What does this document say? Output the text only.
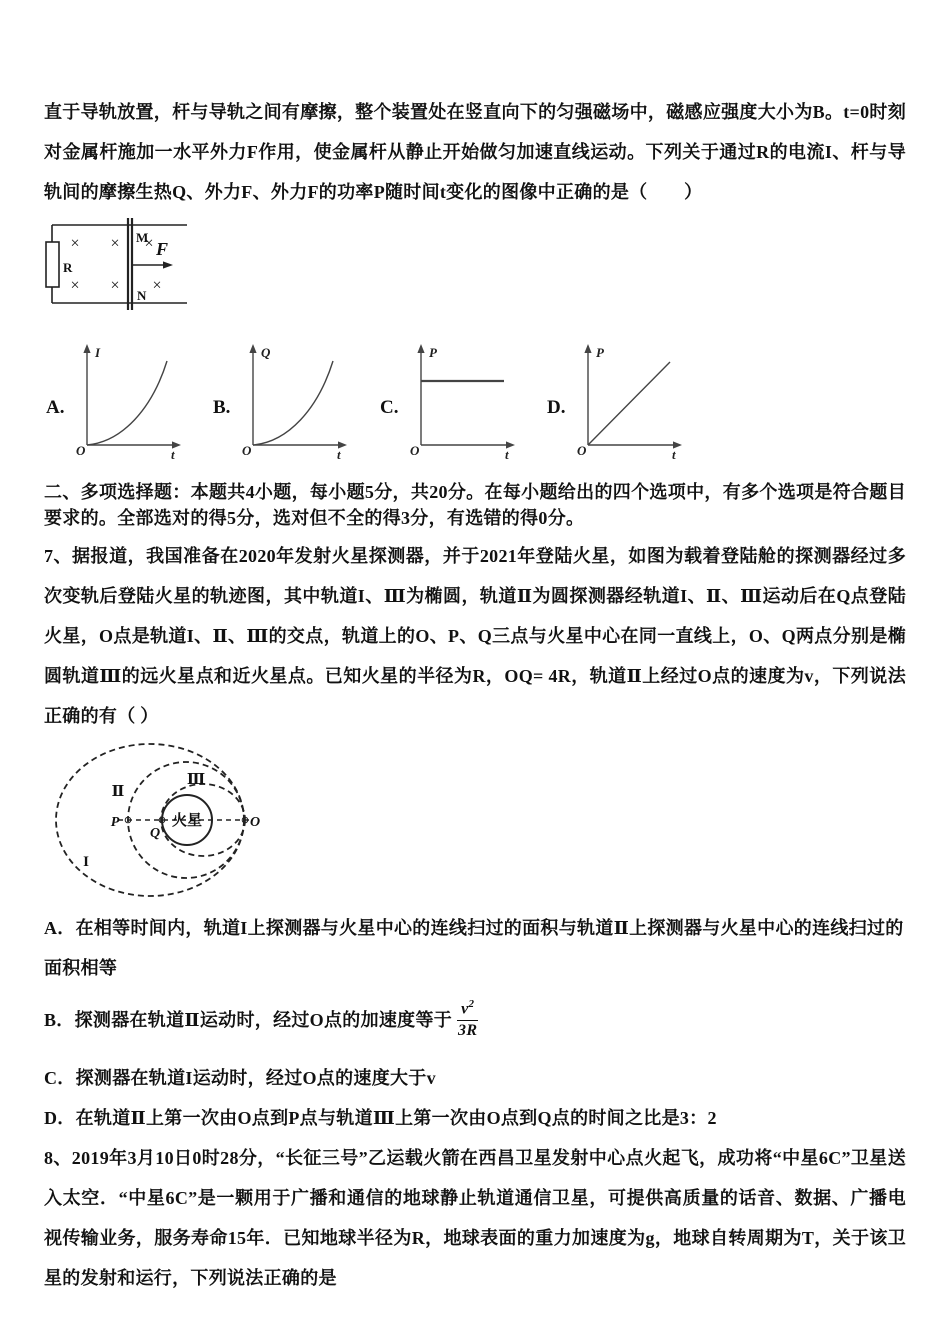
直于导轨放置，杆与导轨之间有摩擦，整个装置处在竖直向下的匀强磁场中，磁感应强度大小为B。t=0时刻对金属杆施加一水平外力F作用，使金属杆从静止开始做匀加速直线运动。下列关于通过R的电流I、杆与导轨间的摩擦生热Q、外力F、外力F的功率P随时间t变化的图像中正确的是（　　）

R
M
N
F
× ×
× ×
×
×
A.
I
O	t
B.
Q
O	t
C.
P
O	t
D.
P
O	t

二、多项选择题：本题共4小题，每小题5分，共20分。在每小题给出的四个选项中，有多个选项是符合题目要求的。全部选对的得5分，选对但不全的得3分，有选错的得0分。

7、据报道，我国准备在2020年发射火星探测器，并于2021年登陆火星，如图为载着登陆舱的探测器经过多次变轨后登陆火星的轨迹图，其中轨道I、Ⅲ为椭圆，轨道Ⅱ为圆探测器经轨道I、Ⅱ、Ⅲ运动后在Q点登陆火星，O点是轨道I、Ⅱ、Ⅲ的交点，轨道上的O、P、Q三点与火星中心在同一直线上，O、Q两点分别是椭圆轨道Ⅲ的远火星点和近火星点。已知火星的半径为R，OQ= 4R，轨道Ⅱ上经过O点的速度为v，下列说法正确的有（ ）

火星
P
Q
O
Ⅱ
Ⅲ
I

A．在相等时间内，轨道I上探测器与火星中心的连线扫过的面积与轨道Ⅱ上探测器与火星中心的连线扫过的面积相等

B．探测器在轨道Ⅱ运动时，经过O点的加速度等于 $\frac{v^2}{3R}$

C．探测器在轨道I运动时，经过O点的速度大于v

D．在轨道Ⅱ上第一次由O点到P点与轨道Ⅲ上第一次由O点到Q点的时间之比是3：2

8、2019年3月10日0时28分，“长征三号”乙运载火箭在西昌卫星发射中心点火起飞，成功将“中星6C”卫星送入太空．“中星6C”是一颗用于广播和通信的地球静止轨道通信卫星，可提供高质量的话音、数据、广播电视传输业务，服务寿命15年．已知地球半径为R，地球表面的重力加速度为g，地球自转周期为T，关于该卫星的发射和运行，下列说法正确的是
